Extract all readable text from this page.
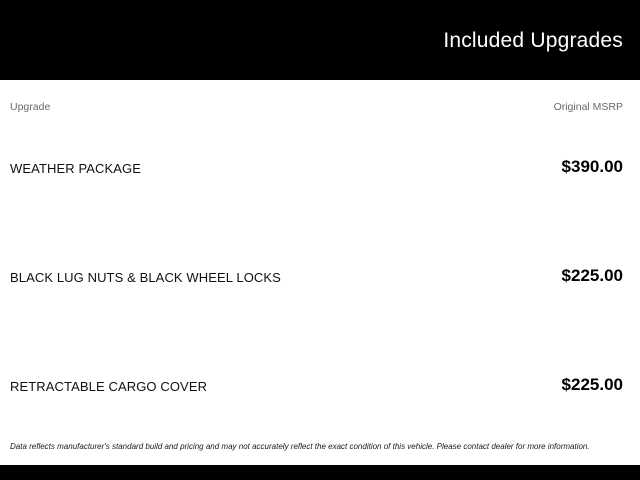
Included Upgrades
Upgrade	Original MSRP
WEATHER PACKAGE	$390.00
BLACK LUG NUTS & BLACK WHEEL LOCKS	$225.00
RETRACTABLE CARGO COVER	$225.00
Data reflects manufacturer's standard build and pricing and may not accurately reflect the exact condition of this vehicle. Please contact dealer for more information.
